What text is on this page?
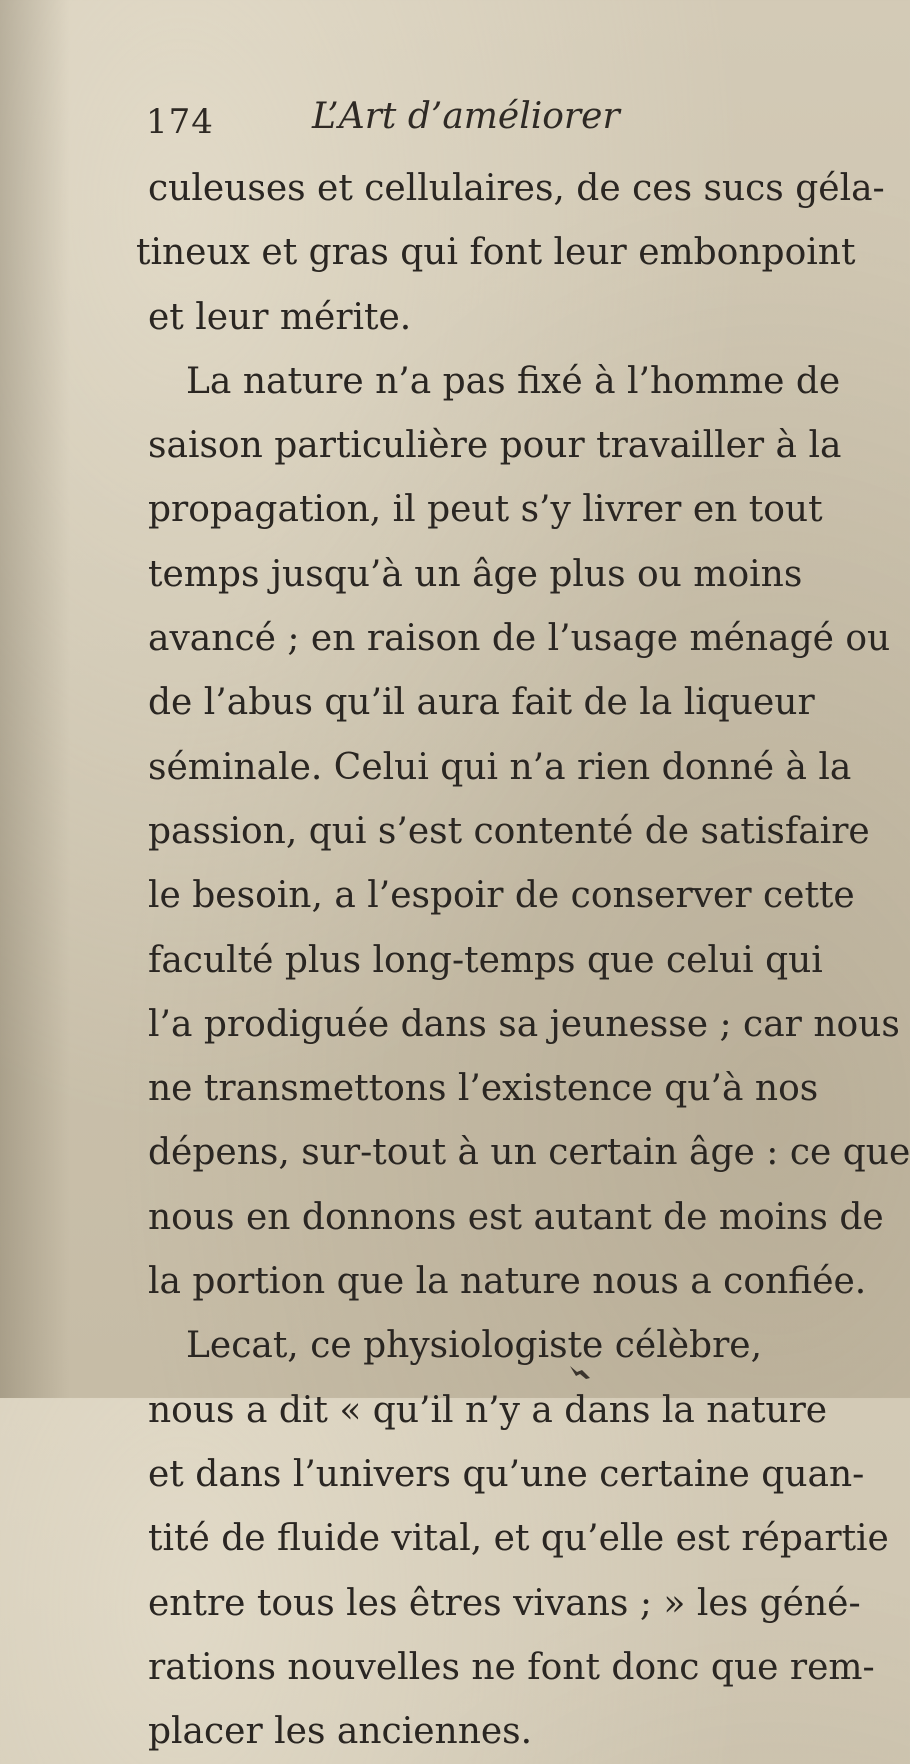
174	L’Art d’améliorer
culeuses et cellulaires, de ces sucs géla-
tineux et gras qui font leur embonpoint
et leur mérite.
La nature n’a pas fixé à l’homme de
saison particulière pour travailler à la
propagation, il peut s’y livrer en tout
temps jusqu’à un âge plus ou moins
avancé ; en raison de l’usage ménagé ou
de l’abus qu’il aura fait de la liqueur
séminale. Celui qui n’a rien donné à la
passion, qui s’est contenté de satisfaire
le besoin, a l’espoir de conserver cette
faculté plus long-temps que celui qui
l’a prodiguée dans sa jeunesse ; car nous
ne transmettons l’existence qu’à nos
dépens, sur-tout à un certain âge : ce que
nous en donnons est autant de moins de
la portion que la nature nous a confiée.
Lecat, ce physiologiste célèbre,
nous a dit « qu’il n’y a dans la nature
et dans l’univers qu’une certaine quan-
tité de fluide vital, et qu’elle est répartie
entre tous les êtres vivans ; » les géné-
rations nouvelles ne font donc que rem-
placer les anciennes.
